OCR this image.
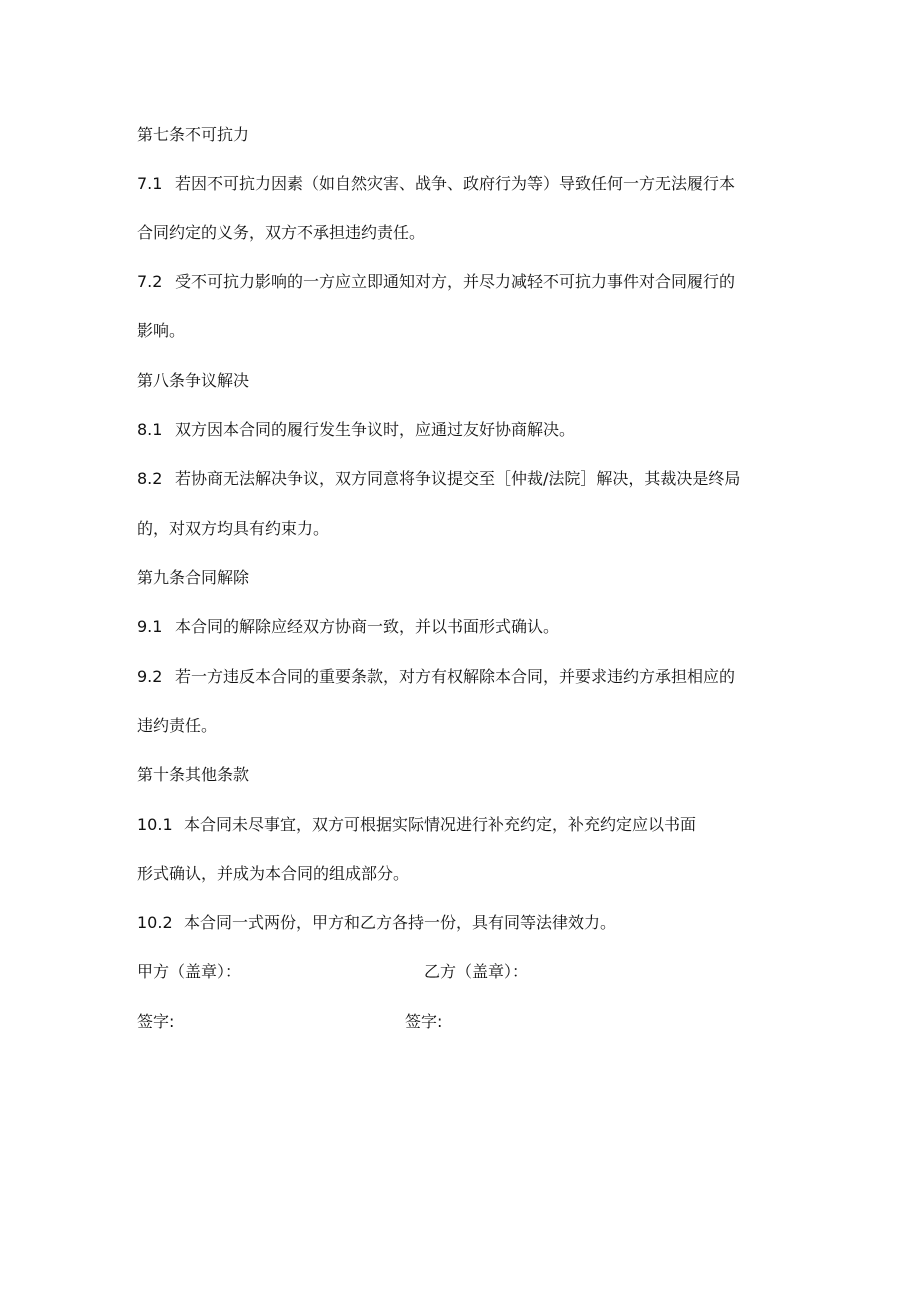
第七条不可抗力
7.1 若因不可抗力因素（如自然灾害、战争、政府行为等）导致任何一方无法履行本
合同约定的义务，双方不承担违约责任。
7.2 受不可抗力影响的一方应立即通知对方，并尽力减轻不可抗力事件对合同履行的
影响。
第八条争议解决
8.1 双方因本合同的履行发生争议时，应通过友好协商解决。
8.2 若协商无法解决争议，双方同意将争议提交至［仲裁/法院］解决，其裁决是终局
的，对双方均具有约束力。
第九条合同解除
9.1 本合同的解除应经双方协商一致，并以书面形式确认。
9.2 若一方违反本合同的重要条款，对方有权解除本合同，并要求违约方承担相应的
违约责任。
第十条其他条款
10.1 本合同未尽事宜，双方可根据实际情况进行补充约定，补充约定应以书面
形式确认，并成为本合同的组成部分。
10.2 本合同一式两份，甲方和乙方各持一份，具有同等法律效力。
甲方（盖章）：	乙方（盖章）：
签字:	签字:
